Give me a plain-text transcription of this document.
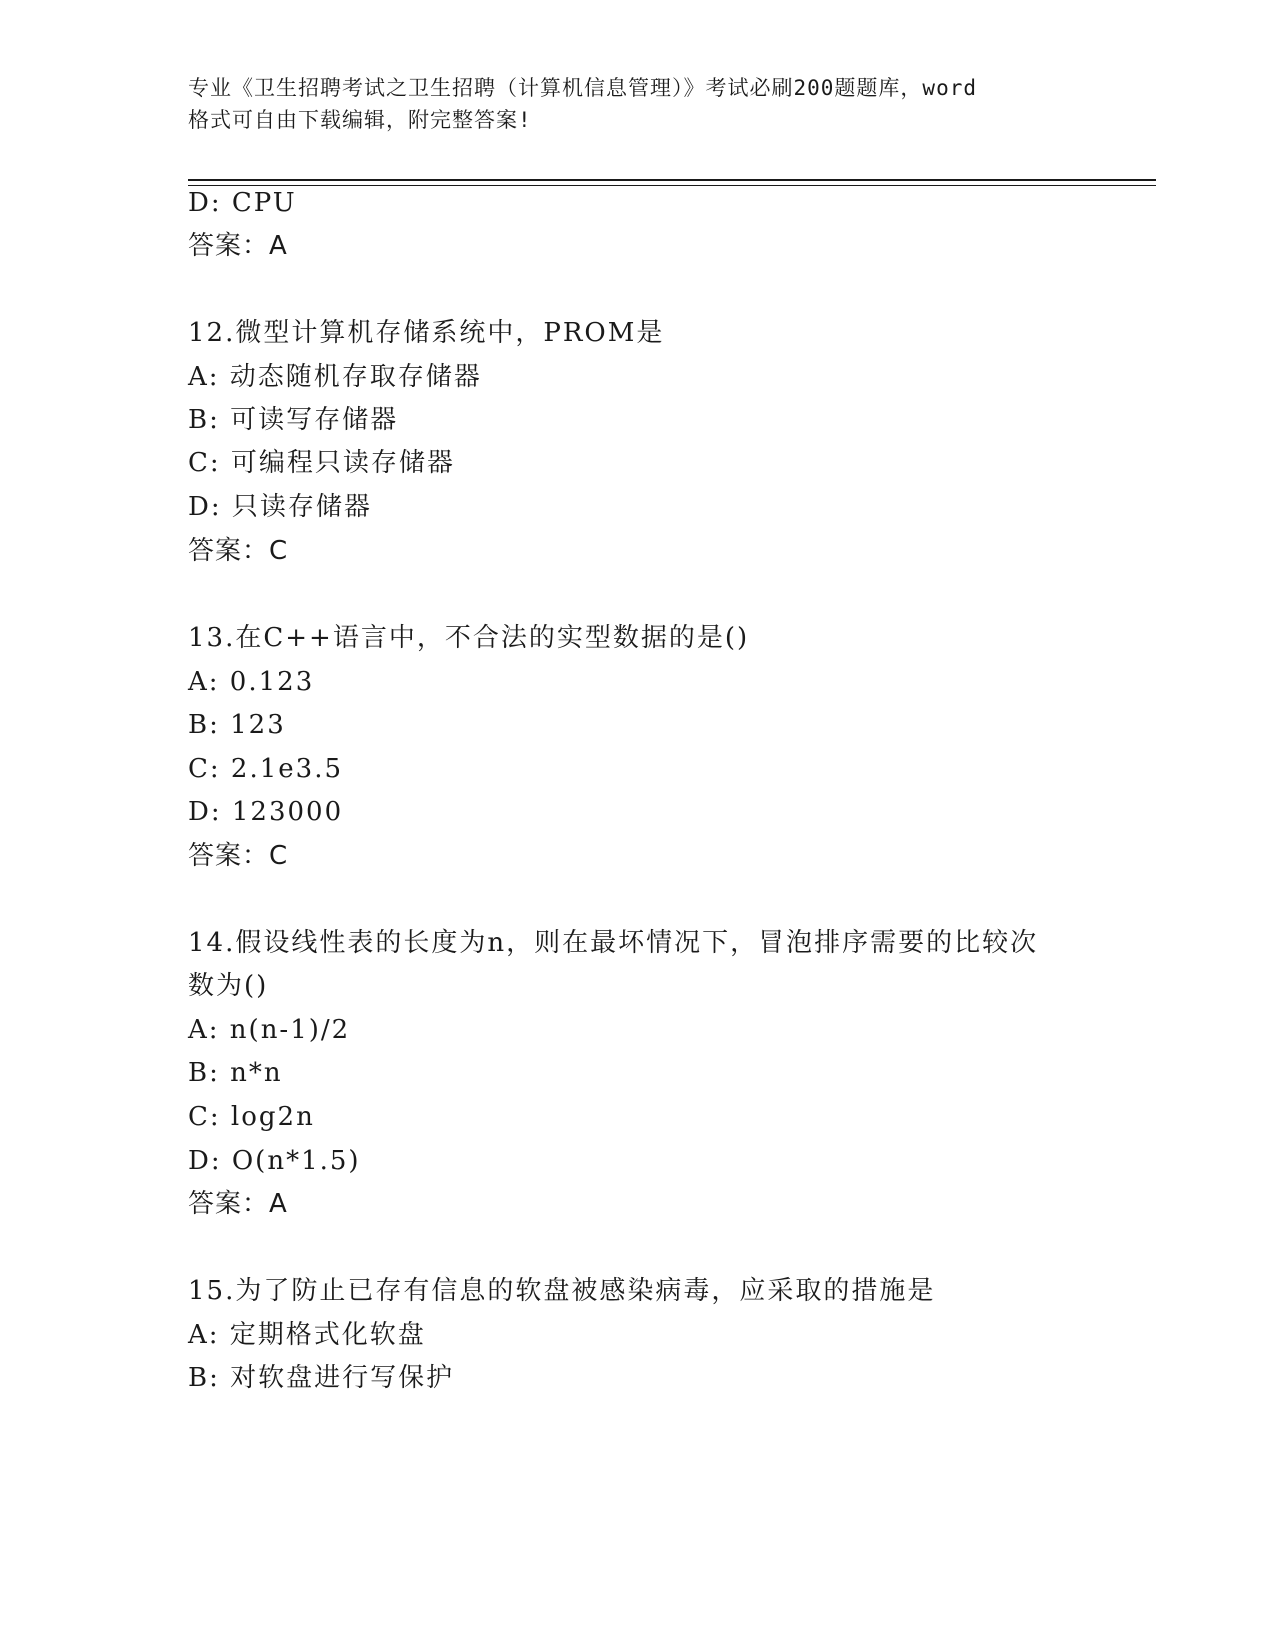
专业《卫生招聘考试之卫生招聘（计算机信息管理）》考试必刷200题题库，word
格式可自由下载编辑，附完整答案!
D: CPU
答案：A
12.微型计算机存储系统中，PROM是
A: 动态随机存取存储器
B: 可读写存储器
C: 可编程只读存储器
D: 只读存储器
答案：C
13.在C++语言中，不合法的实型数据的是()
A: 0.123
B: 123
C: 2.1e3.5
D: 123000
答案：C
14.假设线性表的长度为n，则在最坏情况下，冒泡排序需要的比较次
数为()
A: n(n-1)/2
B: n*n
C: log2n
D: O(n*1.5)
答案：A
15.为了防止已存有信息的软盘被感染病毒，应采取的措施是
A: 定期格式化软盘
B: 对软盘进行写保护
